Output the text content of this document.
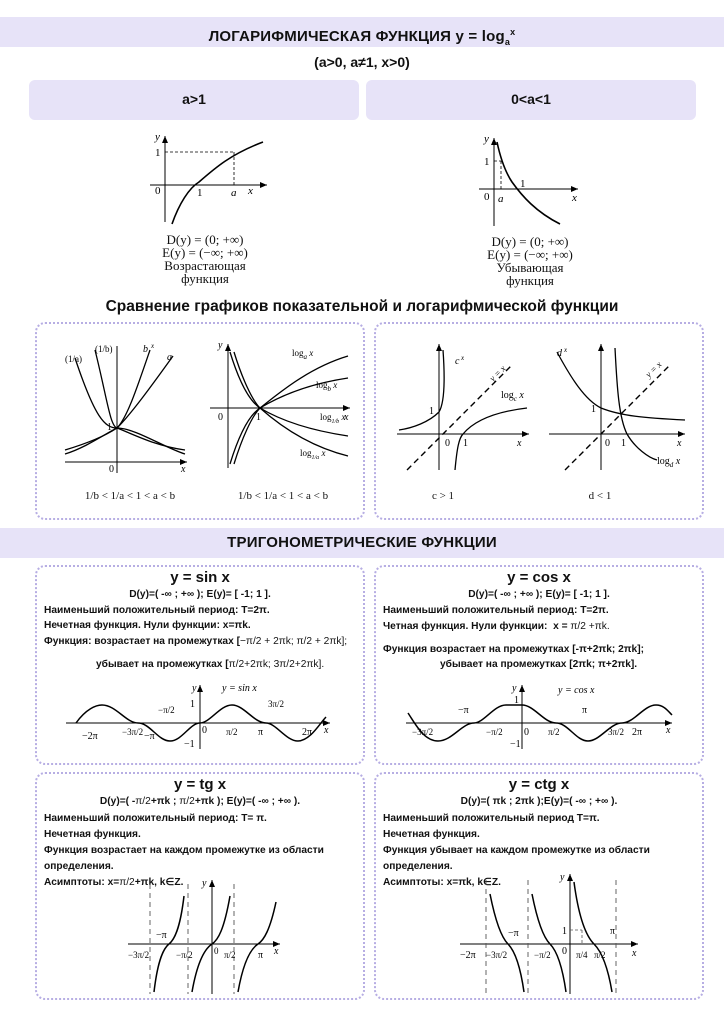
ЛОГАРИФМИЧЕСКАЯ ФУНКЦИЯ $y = \log_a^x$
(a>0, a≠1, x>0)
a>1	0<a<1
y
1
0	1	a x
D(y) = (0; +∞)
E(y) = (−∞; +∞)
Возрастающая
функция
y
1
0 a
1
x
D(y) = (0; +∞)
E(y) = (−∞; +∞)
Убывающая
функция
Сравнение графиков показательной и логарифмической функции
(1/a)
(1/b)	b x
a
1
0	x
1/b < 1/a < 1 < a < b
$\log_a x$
$\log_b x$
$\log_{1/b} x$
$\log_{1/a} x$
y
0	1	x
1/b < 1/a < 1 < a < b
c x
y = x
$\log_c x$
1
0 1	x
c > 1
d x
y = x
$\log_d x$
1
0 1	x
d < 1
ТРИГОНОМЕТРИЧЕСКИЕ ФУНКЦИИ
y = sin x
D(y)=( -∞ ; +∞ ); E(y)= [ -1; 1 ].
Наименьший положительный период: T=2π.
Нечетная функция. Нули функции: x=πk.
Функция: возрастает на промежутках [−π/2 + 2πk; π/2 + 2πk];
убывает на промежутках [π/2+2πk; 3π/2+2πk].
y = sin x
−2π	−3π/2 −π
−π/2
−1
0
1
π/2 π
3π/2
2π x
y
y = cos x
D(y)=( -∞ ; +∞ ); E(y)= [ -1; 1 ].
Наименьший положительный период: T=2π.
Четная функция. Нули функции: x = π/2 +πk.
Функция возрастает на промежутках [-π+2πk; 2πk];
убывает на промежутках [2πk; π+2πk].
y = cos x
−π
−3π/2	−π/2
1
0
−1
π/2
π
3π/2 2π x
y
y = tg x
D(y)=( -π/2+πk ; π/2+πk ); E(y)=( -∞ ; +∞ ).
Наименьший положительный период: T= π.
Нечетная функция.
Функция возрастает на каждом промежутке из области
определения.
Асимптоты: x=π/2+πk, k∈Z.
−3π/2
−π
−π/2 0 π/2 π x
y
y = ctg x
D(y)=( πk ; 2πk );E(y)=( -∞ ; +∞ ).
Наименьший положительный период T=π.
Нечетная функция.
Функция убывает на каждом промежутке из области
определения.
Асимптоты: x=πk, k∈Z.
−2π −3π/2
−π
−π/2
1
0 π/4 π/2
π
x
y
